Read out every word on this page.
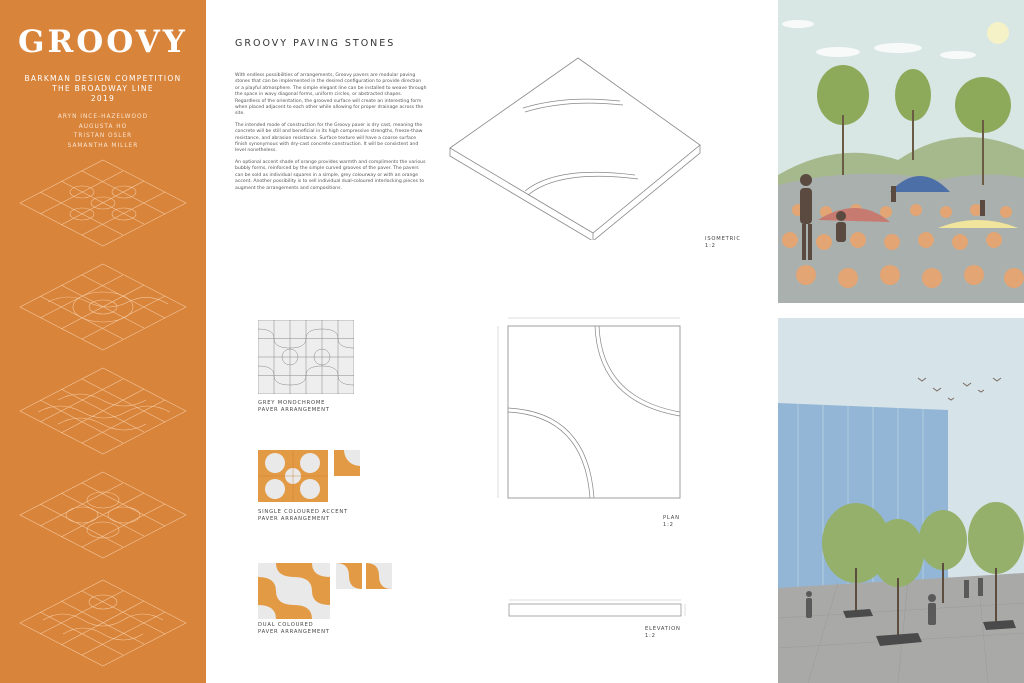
GROOVY
BARKMAN DESIGN COMPETITION
THE BROADWAY LINE
2019
ARYN INCE-HAZELWOOD
AUGUSTA HO
TRISTAN OSLER
SAMANTHA MILLER
GROOVY PAVING STONES

With endless possibilities of arrangements, Groovy pavers are modular paving stones that can be implemented in the desired configuration to provide direction or a playful atmosphere. The simple elegant line can be installed to weave through the space in wavy diagonal forms, uniform circles, or abstracted shapes. Regardless of the orientation, the grooved surface will create an interesting form when placed adjacent to each other while allowing for proper drainage across the site.

The intended mode of construction for the Groovy paver is dry cast, meaning the concrete will be still and beneficial in its high compressive strengths, freeze-thaw resistance, and abrasion resistance. Surface texture will have a coarse surface finish synonymous with dry-cast concrete construction. It will be consistent and level nonetheless.

An optional accent shade of orange provides warmth and compliments the various bubbly forms, reinforced by the simple curved grooves of the paver. The pavers can be sold as individual squares in a simple, grey colourway or with an orange accent. Another possibility is to sell individual dual-coloured interlocking pieces to augment the arrangements and compositions.

ISOMETRIC
1:2
GREY MONOCHROME
PAVER ARRANGEMENT
SINGLE COLOURED ACCENT
PAVER ARRANGEMENT
DUAL COLOURED
PAVER ARRANGEMENT
PLAN
1:2
ELEVATION
1:2
